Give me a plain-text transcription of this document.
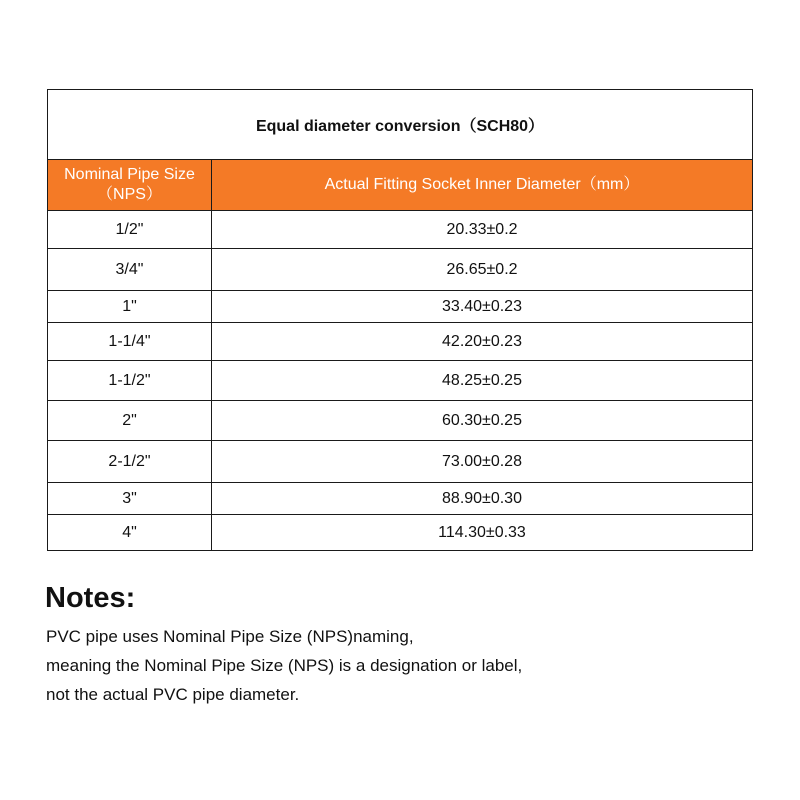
Equal diameter conversion（SCH80）	

Nominal Pipe Size
（NPS）	Actual Fitting Socket Inner Diameter（mm）
1/2"	20.33±0.2
3/4"	26.65±0.2
1"	33.40±0.23
1-1/4"	42.20±0.23
1-1/2"	48.25±0.25
2"	60.30±0.25
2-1/2"	73.00±0.28
3"	88.90±0.30
4"	114.30±0.33

Notes:

PVC pipe uses Nominal Pipe Size (NPS)naming,

meaning the Nominal Pipe Size (NPS) is a designation or label,

not the actual PVC pipe diameter.
